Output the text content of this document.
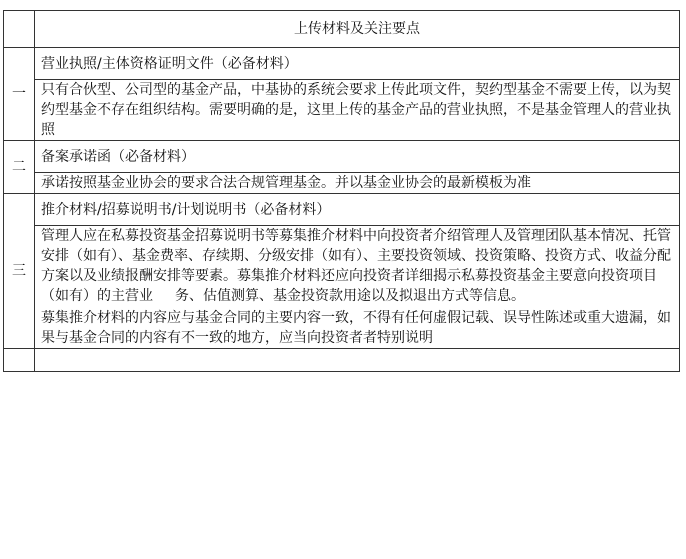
	上传材料及关注要点
一	营业执照/主体资格证明文件（必备材料）
	只有合伙型、公司型的基金产品，中基协的系统会要求上传此项文件，契约型基金不需要上传，以为契约型基金不存在组织结构。需要明确的是，这里上传的基金产品的营业执照，不是基金管理人的营业执照
二	备案承诺函（必备材料）
	承诺按照基金业协会的要求合法合规管理基金。并以基金业协会的最新模板为准
三	推介材料/招募说明书/计划说明书（必备材料）

	管理人应在私募投资基金招募说明书等募集推介材料中向投资者介绍管理人及管理团队基本情况、托管安排（如有）、基金费率、存续期、分级安排（如有）、主要投资领域、投资策略、投资方式、收益分配方案以及业绩报酬安排等要素。募集推介材料还应向投资者详细揭示私募投资基金主要意向投资项目（如有）的主营业 务、估值测算、基金投资款用途以及拟退出方式等信息。
募集推介材料的内容应与基金合同的主要内容一致，不得有任何虚假记载、误导性陈述或重大遗漏，如果与基金合同的内容有不一致的地方，应当向投资者者特别说明
